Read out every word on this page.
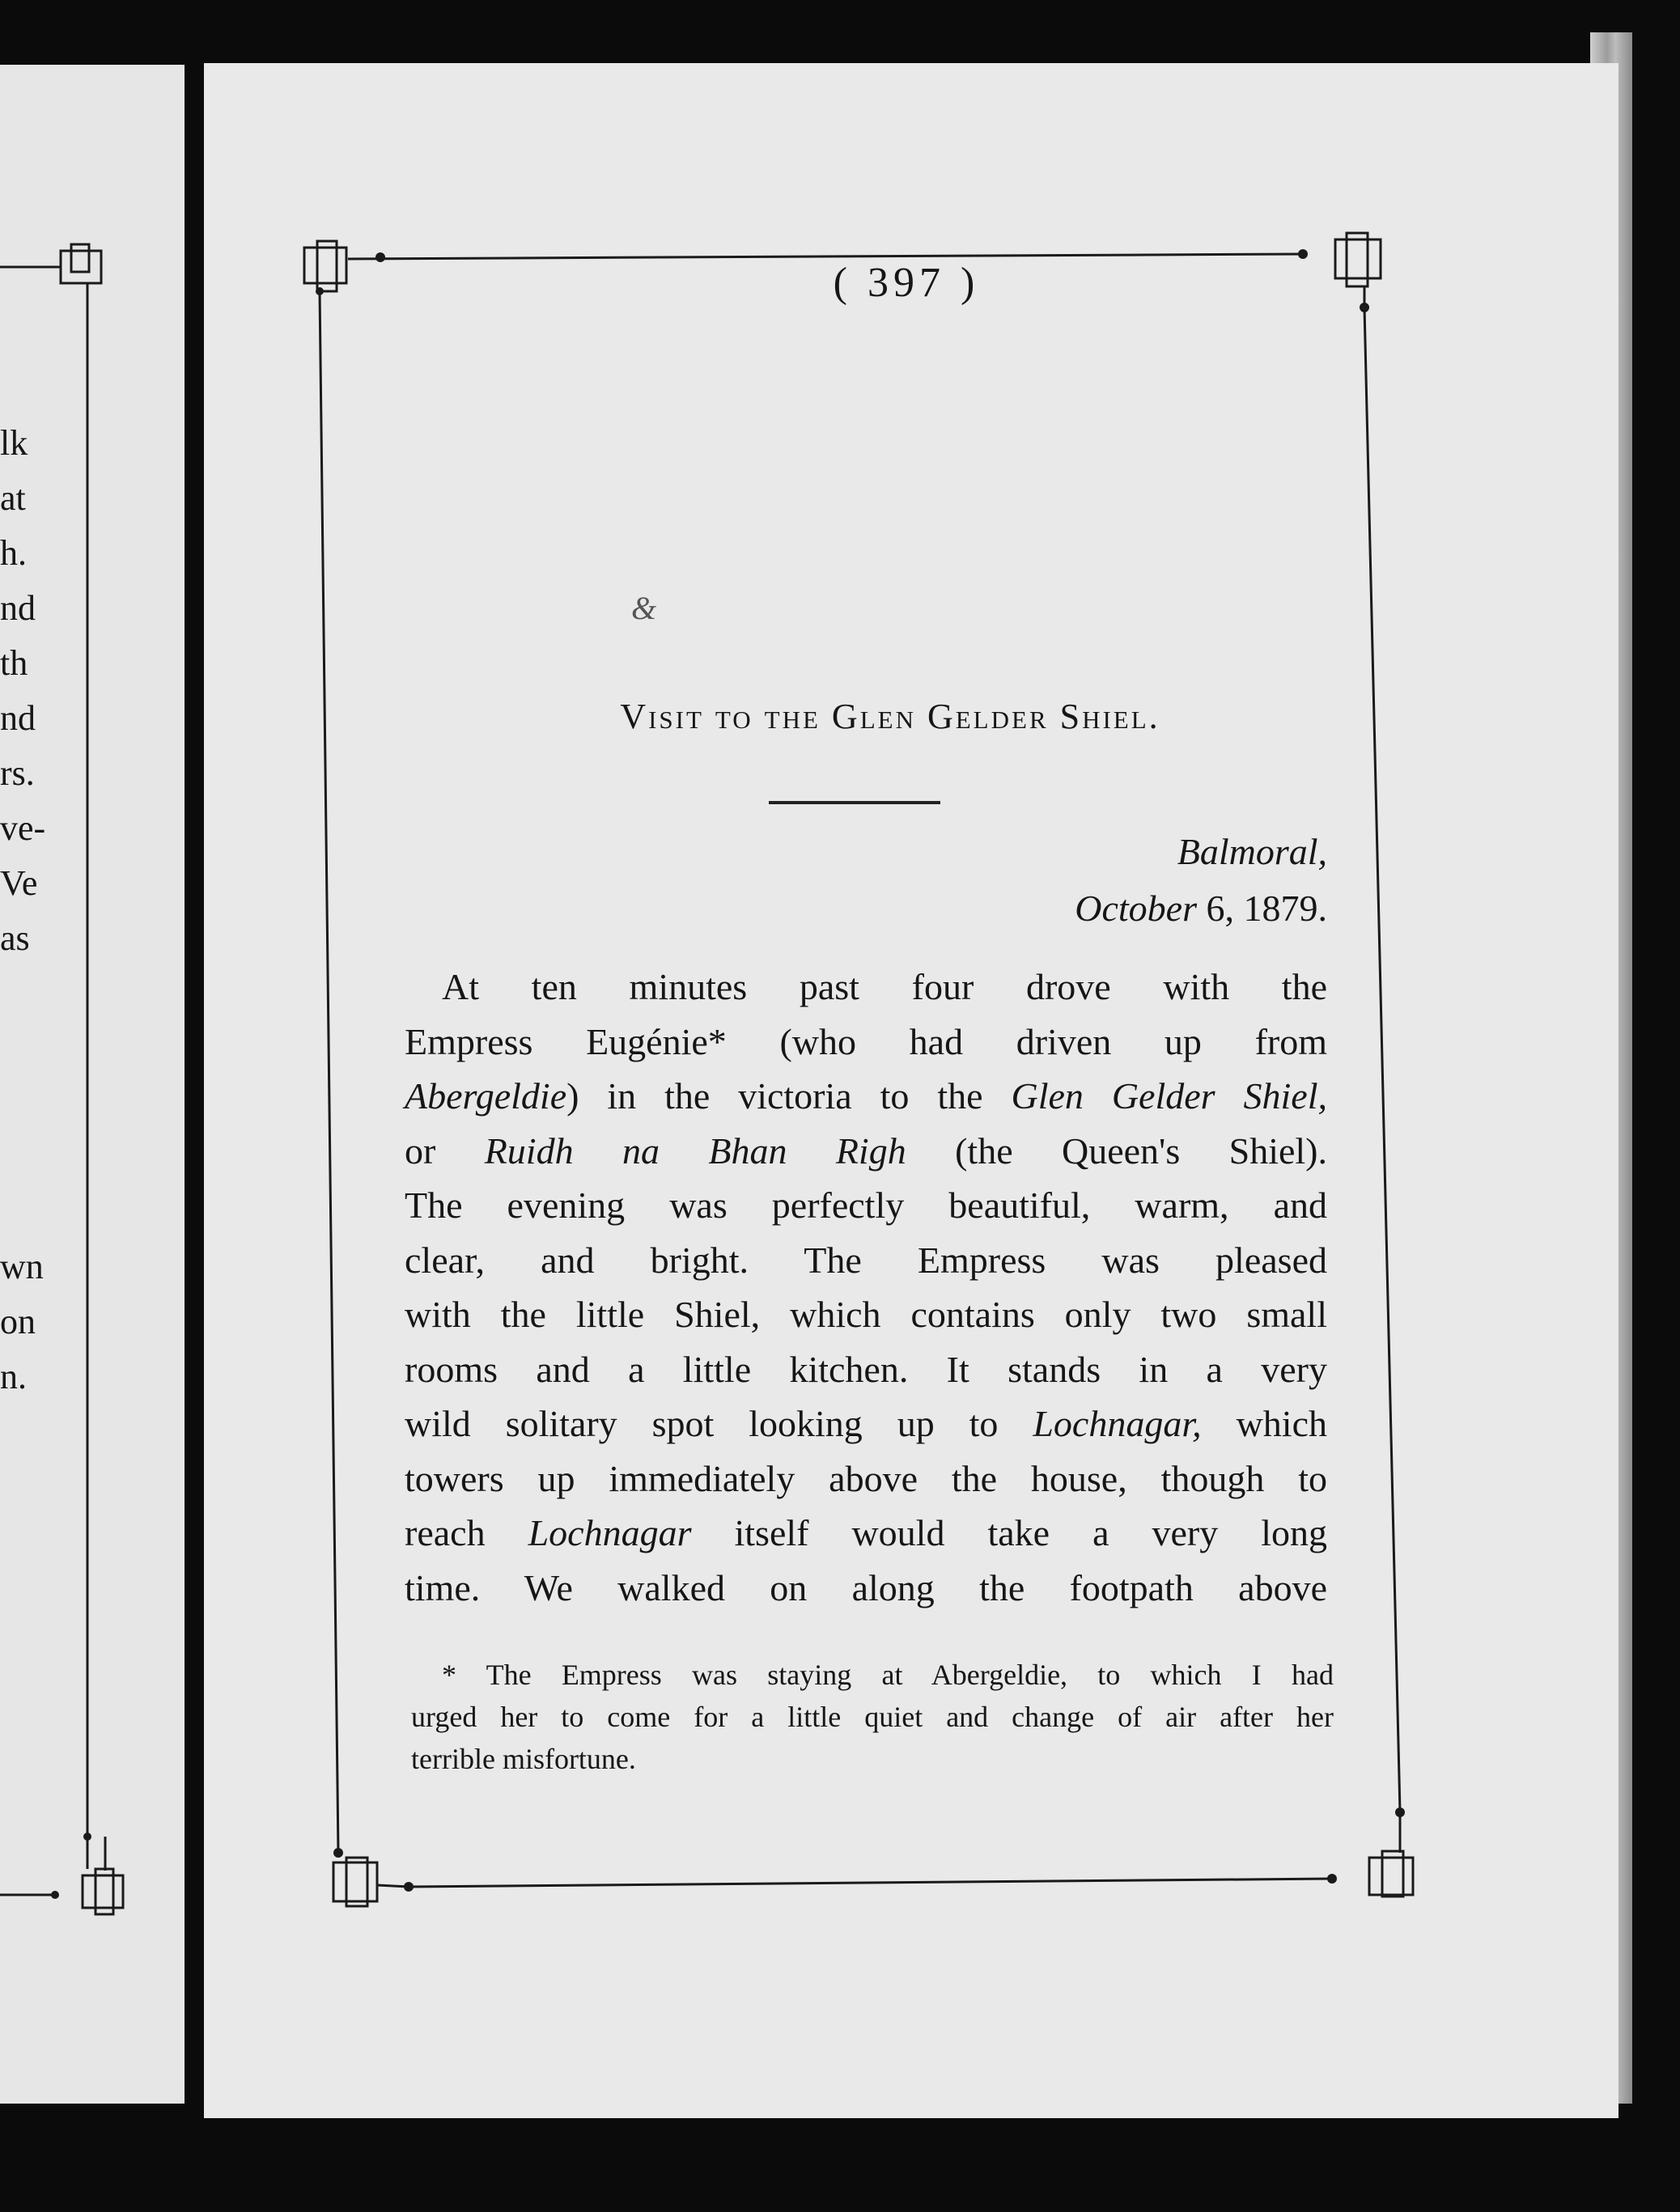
lk
at
h.
nd
th
nd
rs.
ve-
Ve
as
wn
on
n.
( 397 )
&
Visit to the Glen Gelder Shiel.
Balmoral,
October 6, 1879.
At ten minutes past four drove with the
Empress Eugénie* (who had driven up from
Abergeldie) in the victoria to the Glen Gelder Shiel,
or Ruidh na Bhan Righ (the Queen's Shiel).
The evening was perfectly beautiful, warm, and
clear, and bright. The Empress was pleased
with the little Shiel, which contains only two small
rooms and a little kitchen. It stands in a very
wild solitary spot looking up to Lochnagar, which
towers up immediately above the house, though to
reach Lochnagar itself would take a very long
time. We walked on along the footpath above
* The Empress was staying at Abergeldie, to which I had
urged her to come for a little quiet and change of air after her
terrible misfortune.
